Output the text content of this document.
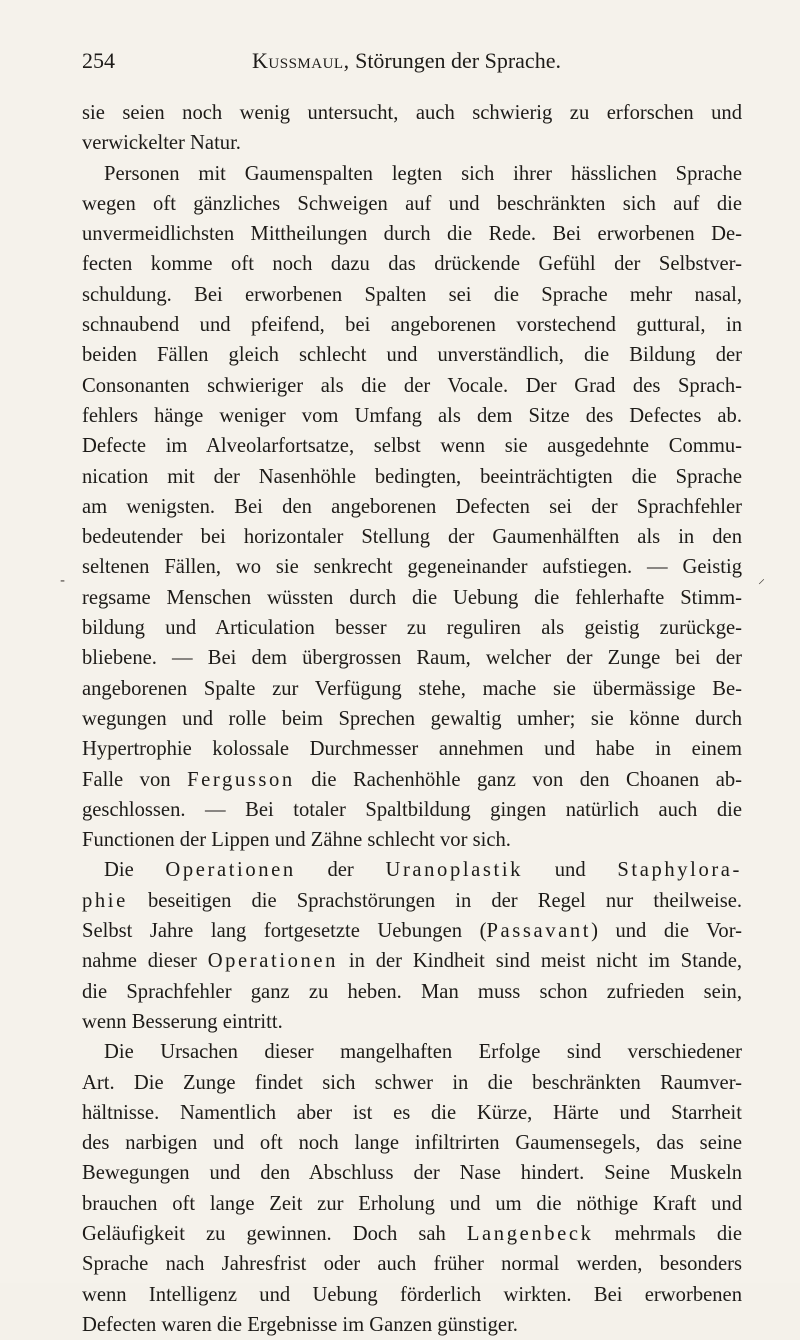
254	Kussmaul, Störungen der Sprache.
sie seien noch wenig untersucht, auch schwierig zu erforschen und
verwickelter Natur.
Personen mit Gaumenspalten legten sich ihrer hässlichen Sprache
wegen oft gänzliches Schweigen auf und beschränkten sich auf die
unvermeidlichsten Mittheilungen durch die Rede. Bei erworbenen De-
fecten komme oft noch dazu das drückende Gefühl der Selbstver-
schuldung. Bei erworbenen Spalten sei die Sprache mehr nasal,
schnaubend und pfeifend, bei angeborenen vorstechend guttural, in
beiden Fällen gleich schlecht und unverständlich, die Bildung der
Consonanten schwieriger als die der Vocale. Der Grad des Sprach-
fehlers hänge weniger vom Umfang als dem Sitze des Defectes ab.
Defecte im Alveolarfortsatze, selbst wenn sie ausgedehnte Commu-
nication mit der Nasenhöhle bedingten, beeinträchtigten die Sprache
am wenigsten. Bei den angeborenen Defecten sei der Sprachfehler
bedeutender bei horizontaler Stellung der Gaumenhälften als in den
seltenen Fällen, wo sie senkrecht gegeneinander aufstiegen. — Geistig
regsame Menschen wüssten durch die Uebung die fehlerhafte Stimm-
bildung und Articulation besser zu reguliren als geistig zurückge-
bliebene. — Bei dem übergrossen Raum, welcher der Zunge bei der
angeborenen Spalte zur Verfügung stehe, mache sie übermässige Be-
wegungen und rolle beim Sprechen gewaltig umher; sie könne durch
Hypertrophie kolossale Durchmesser annehmen und habe in einem
Falle von Fergusson die Rachenhöhle ganz von den Choanen ab-
geschlossen. — Bei totaler Spaltbildung gingen natürlich auch die
Functionen der Lippen und Zähne schlecht vor sich.
Die Operationen der Uranoplastik und Staphylora-
phie beseitigen die Sprachstörungen in der Regel nur theilweise.
Selbst Jahre lang fortgesetzte Uebungen (Passavant) und die Vor-
nahme dieser Operationen in der Kindheit sind meist nicht im Stande,
die Sprachfehler ganz zu heben. Man muss schon zufrieden sein,
wenn Besserung eintritt.
Die Ursachen dieser mangelhaften Erfolge sind verschiedener
Art. Die Zunge findet sich schwer in die beschränkten Raumver-
hältnisse. Namentlich aber ist es die Kürze, Härte und Starrheit
des narbigen und oft noch lange infiltrirten Gaumensegels, das seine
Bewegungen und den Abschluss der Nase hindert. Seine Muskeln
brauchen oft lange Zeit zur Erholung und um die nöthige Kraft und
Geläufigkeit zu gewinnen. Doch sah Langenbeck mehrmals die
Sprache nach Jahresfrist oder auch früher normal werden, besonders
wenn Intelligenz und Uebung förderlich wirkten. Bei erworbenen
Defecten waren die Ergebnisse im Ganzen günstiger.
-	⸍
